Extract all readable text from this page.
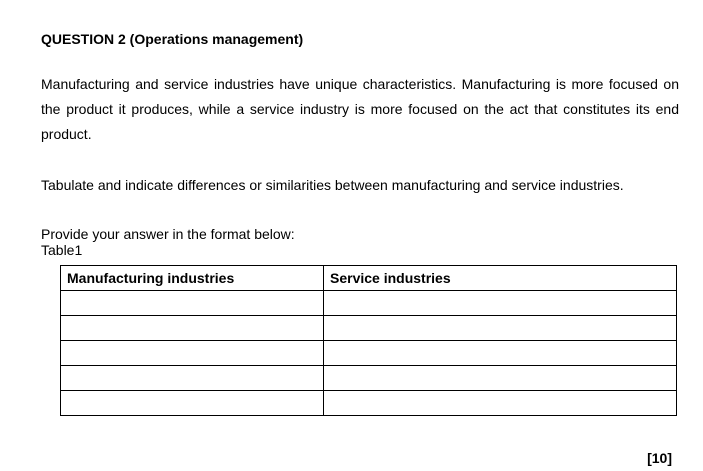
QUESTION 2 (Operations management)

Manufacturing and service industries have unique characteristics. Manufacturing is more focused on the product it produces, while a service industry is more focused on the act that constitutes its end product.

Tabulate and indicate differences or similarities between manufacturing and service industries.

Provide your answer in the format below:

Table1

Manufacturing industries	Service industries

[10]
